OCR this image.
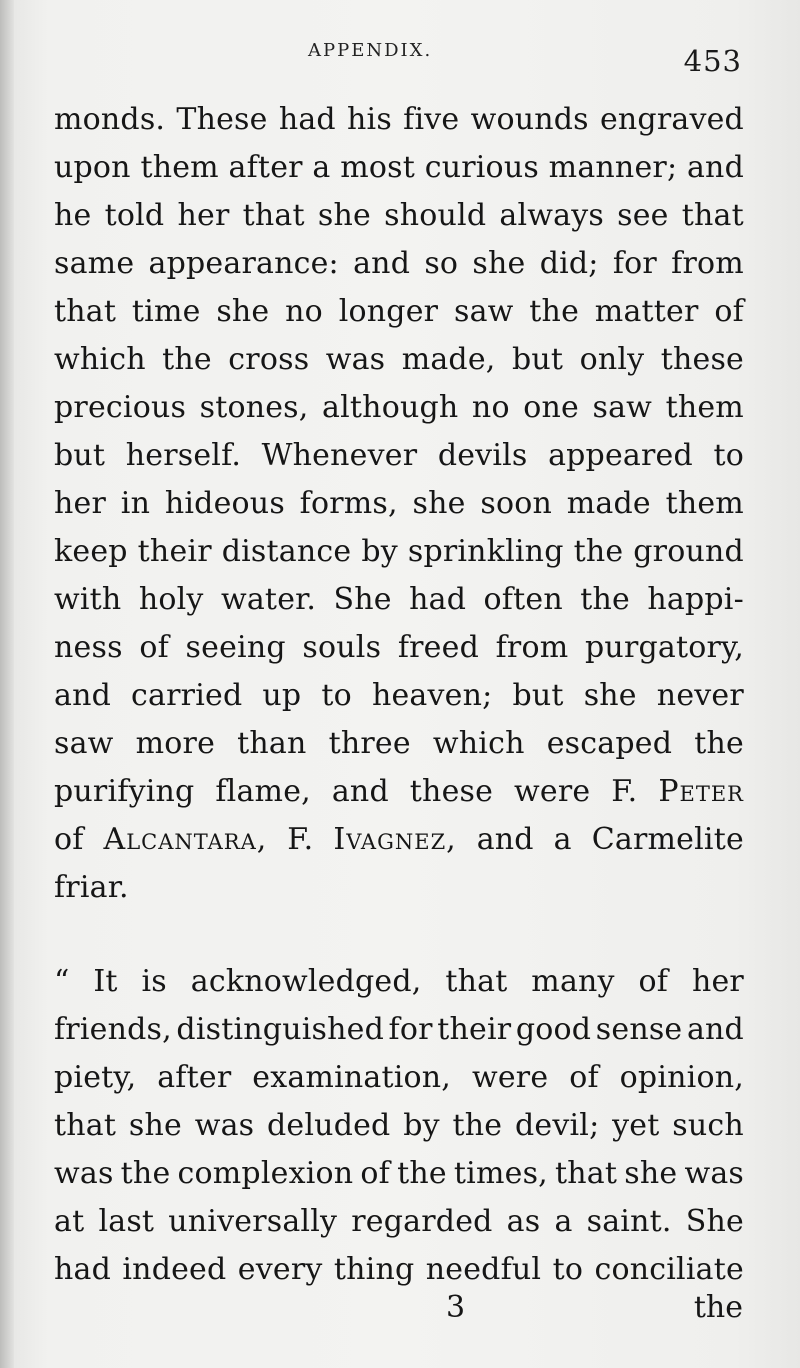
APPENDIX.	453
monds. These had his five wounds engraved
upon them after a most curious manner; and
he told her that she should always see that
same appearance: and so she did; for from
that time she no longer saw the matter of
which the cross was made, but only these
precious stones, although no one saw them
but herself. Whenever devils appeared to
her in hideous forms, she soon made them
keep their distance by sprinkling the ground
with holy water. She had often the happi-
ness of seeing souls freed from purgatory,
and carried up to heaven; but she never
saw more than three which escaped the
purifying flame, and these were F. Peter
of Alcantara, F. Ivagnez, and a Carmelite
friar.

“ It is acknowledged, that many of her
friends, distinguished for their good sense and
piety, after examination, were of opinion,
that she was deluded by the devil; yet such
was the complexion of the times, that she was
at last universally regarded as a saint. She
had indeed every thing needful to conciliate
3	the
